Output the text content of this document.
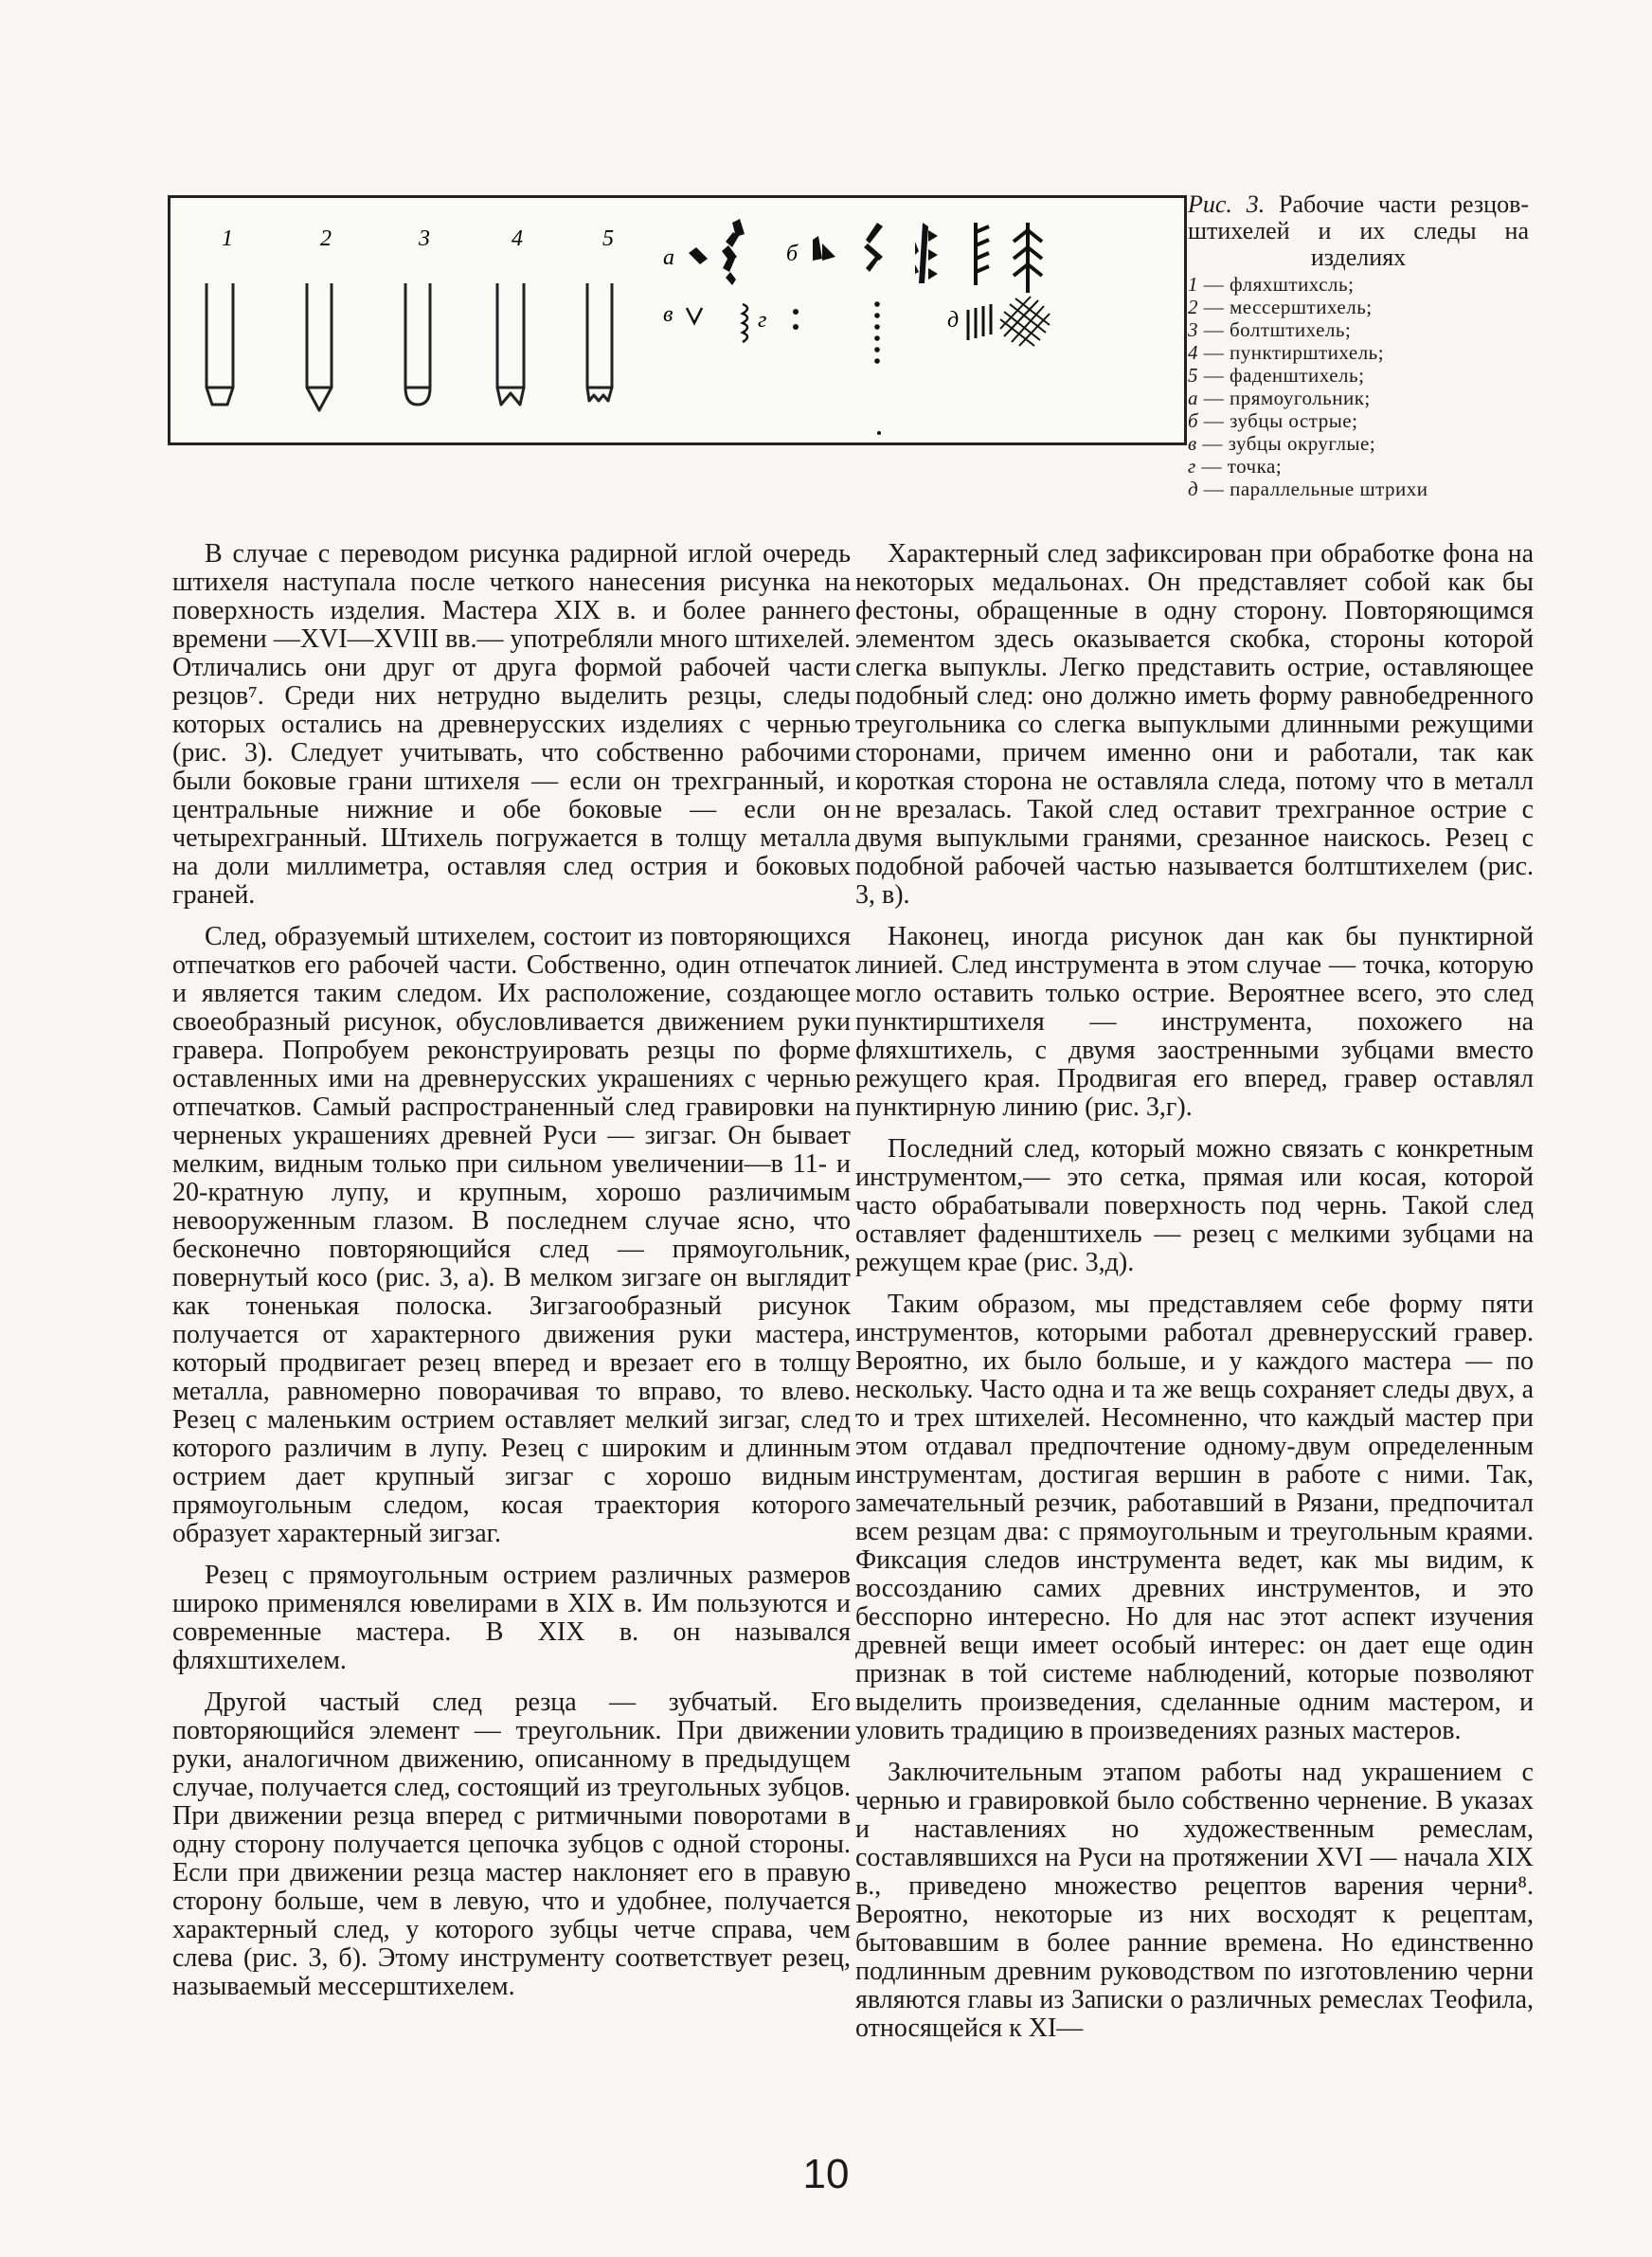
1	2	3	4	5
а	б
в	г	д
Рис. 3. Рабочие части резцов-штихелей и их следы на изделиях
1 — фляхштихсль;
2 — мессерштихель;
3 — болтштихель;
4 — пунктирштихель;
5 — фаденштихель;
а — прямоугольник;
б — зубцы острые;
в — зубцы округлые;
г — точка;
д — параллельные штрихи

В случае с переводом рисунка радирной иглой очередь штихеля наступала после четкого нанесения рисунка на поверхность изделия. Мастера XIX в. и более раннего времени —XVI—XVIII вв.— употребляли много штихелей. Отличались они друг от друга формой рабочей части резцов⁷. Среди них нетрудно выделить резцы, следы которых остались на древнерусских изделиях с чернью (рис. 3). Следует учитывать, что собственно рабочими были боковые грани штихеля — если он трехгранный, и центральные нижние и обе боковые — если он четырехгранный. Штихель погружается в толщу металла на доли миллиметра, оставляя след острия и боковых граней.

След, образуемый штихелем, состоит из повторяющихся отпечатков его рабочей части. Собственно, один отпечаток и является таким следом. Их расположение, создающее своеобразный рисунок, обусловливается движением руки гравера. Попробуем реконструировать резцы по форме оставленных ими на древнерусских украшениях с чернью отпечатков. Самый распространенный след гравировки на черненых украшениях древней Руси — зигзаг. Он бывает мелким, видным только при сильном увеличении—в 11- и 20-кратную лупу, и крупным, хорошо различимым невооруженным глазом. В последнем случае ясно, что бесконечно повторяющийся след — прямоугольник, повернутый косо (рис. 3, а). В мелком зигзаге он выглядит как тоненькая полоска. Зигзагообразный рисунок получается от характерного движения руки мастера, который продвигает резец вперед и врезает его в толщу металла, равномерно поворачивая то вправо, то влево. Резец с маленьким острием оставляет мелкий зигзаг, след которого различим в лупу. Резец с широким и длинным острием дает крупный зигзаг с хорошо видным прямоугольным следом, косая траектория которого образует характерный зигзаг.

Резец с прямоугольным острием различных размеров широко применялся ювелирами в XIX в. Им пользуются и современные мастера. В XIX в. он назывался фляхштихелем.

Другой частый след резца — зубчатый. Его повторяющийся элемент — треугольник. При движении руки, аналогичном движению, описанному в предыдущем случае, получается след, состоящий из треугольных зубцов. При движении резца вперед с ритмичными поворотами в одну сторону получается цепочка зубцов с одной стороны. Если при движении резца мастер наклоняет его в правую сторону больше, чем в левую, что и удобнее, получается характерный след, у которого зубцы четче справа, чем слева (рис. 3, б). Этому инструменту соответствует резец, называемый мессерштихелем.

Характерный след зафиксирован при обработке фона на некоторых медальонах. Он представляет собой как бы фестоны, обращенные в одну сторону. Повторяющимся элементом здесь оказывается скобка, стороны которой слегка выпуклы. Легко представить острие, оставляющее подобный след: оно должно иметь форму равнобедренного треугольника со слегка выпуклыми длинными режущими сторонами, причем именно они и работали, так как короткая сторона не оставляла следа, потому что в металл не врезалась. Такой след оставит трехгранное острие с двумя выпуклыми гранями, срезанное наискось. Резец с подобной рабочей частью называется болтштихелем (рис. 3, в).

Наконец, иногда рисунок дан как бы пунктирной линией. След инструмента в этом случае — точка, которую могло оставить только острие. Вероятнее всего, это след пунктирштихеля — инструмента, похожего на фляхштихель, с двумя заостренными зубцами вместо режущего края. Продвигая его вперед, гравер оставлял пунктирную линию (рис. 3,г).

Последний след, который можно связать с конкретным инструментом,— это сетка, прямая или косая, которой часто обрабатывали поверхность под чернь. Такой след оставляет фаденштихель — резец с мелкими зубцами на режущем крае (рис. 3,д).

Таким образом, мы представляем себе форму пяти инструментов, которыми работал древнерусский гравер. Вероятно, их было больше, и у каждого мастера — по нескольку. Часто одна и та же вещь сохраняет следы двух, а то и трех штихелей. Несомненно, что каждый мастер при этом отдавал предпочтение одному-двум определенным инструментам, достигая вершин в работе с ними. Так, замечательный резчик, работавший в Рязани, предпочитал всем резцам два: с прямоугольным и треугольным краями. Фиксация следов инструмента ведет, как мы видим, к воссозданию самих древних инструментов, и это бесспорно интересно. Но для нас этот аспект изучения древней вещи имеет особый интерес: он дает еще один признак в той системе наблюдений, которые позволяют выделить произведения, сделанные одним мастером, и уловить традицию в произведениях разных мастеров.

Заключительным этапом работы над украшением с чернью и гравировкой было собственно чернение. В указах и наставлениях но художественным ремеслам, составлявшихся на Руси на протяжении XVI — начала XIX в., приведено множество рецептов варения черни⁸. Вероятно, некоторые из них восходят к рецептам, бытовавшим в более ранние времена. Но единственно подлинным древним руководством по изготовлению черни являются главы из Записки о различных ремеслах Теофила, относящейся к XI—

10
